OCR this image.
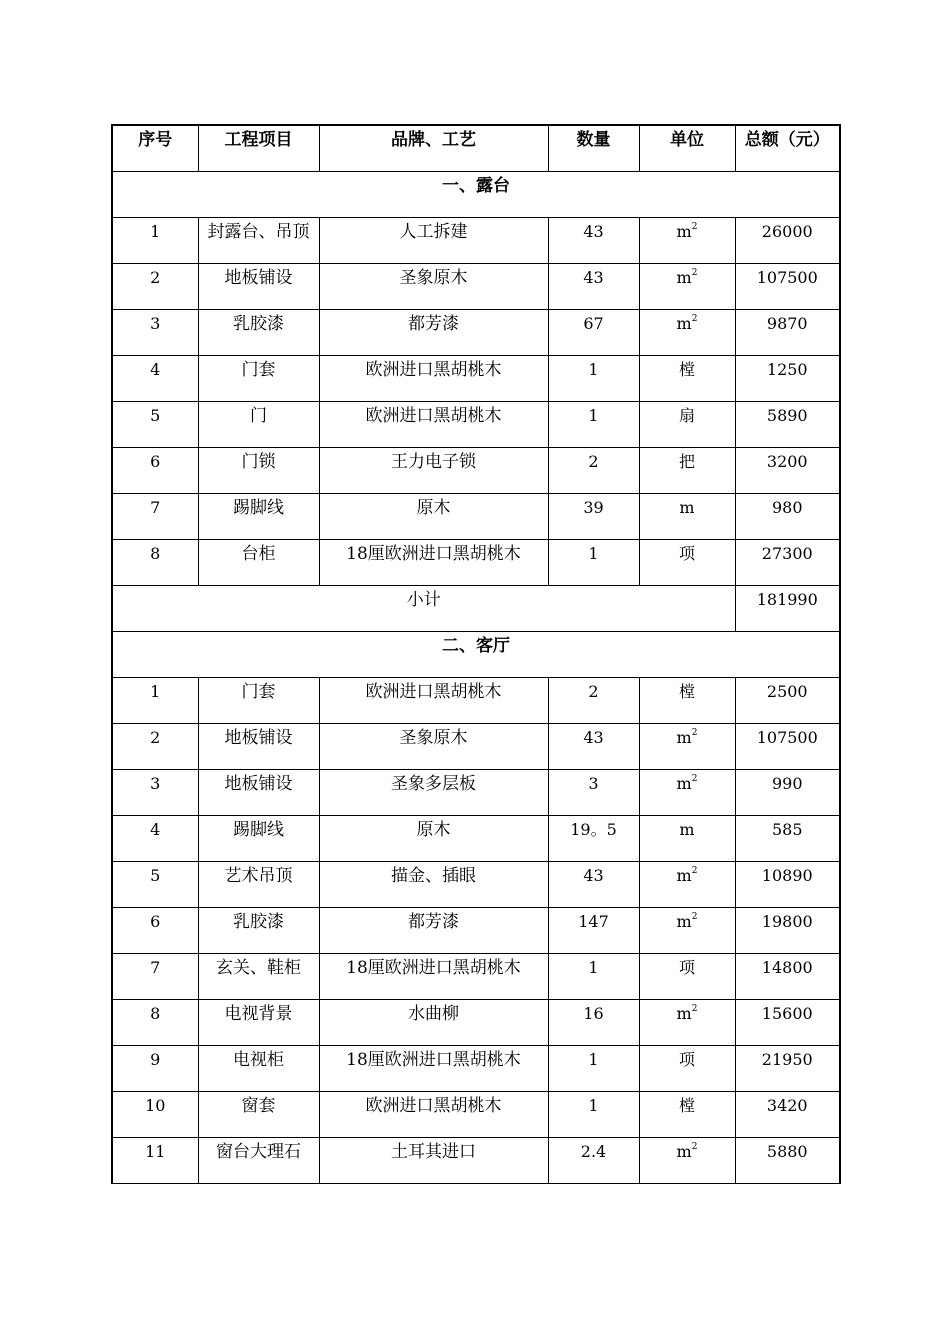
序号	工程项目	品牌、工艺	数量	单位	总额（元）
一、露台					
1	封露台、吊顶	人工拆建	43	$m^2$	26000
2	地板铺设	圣象原木	43	$m^2$	107500
3	乳胶漆	都芳漆	67	$m^2$	9870
4	门套	欧洲进口黑胡桃木	1	樘	1250
5	门	欧洲进口黑胡桃木	1	扇	5890
6	门锁	王力电子锁	2	把	3200
7	踢脚线	原木	39	m	980
8	台柜	18厘欧洲进口黑胡桃木	1	项	27300
小计					181990
二、客厅					
1	门套	欧洲进口黑胡桃木	2	樘	2500
2	地板铺设	圣象原木	43	$m^2$	107500
3	地板铺设	圣象多层板	3	$m^2$	990
4	踢脚线	原木	19。5	m	585
5	艺术吊顶	描金、插眼	43	$m^2$	10890
6	乳胶漆	都芳漆	147	$m^2$	19800
7	玄关、鞋柜	18厘欧洲进口黑胡桃木	1	项	14800
8	电视背景	水曲柳	16	$m^2$	15600
9	电视柜	18厘欧洲进口黑胡桃木	1	项	21950
10	窗套	欧洲进口黑胡桃木	1	樘	3420
11	窗台大理石	土耳其进口	2.4	$m^2$	5880
